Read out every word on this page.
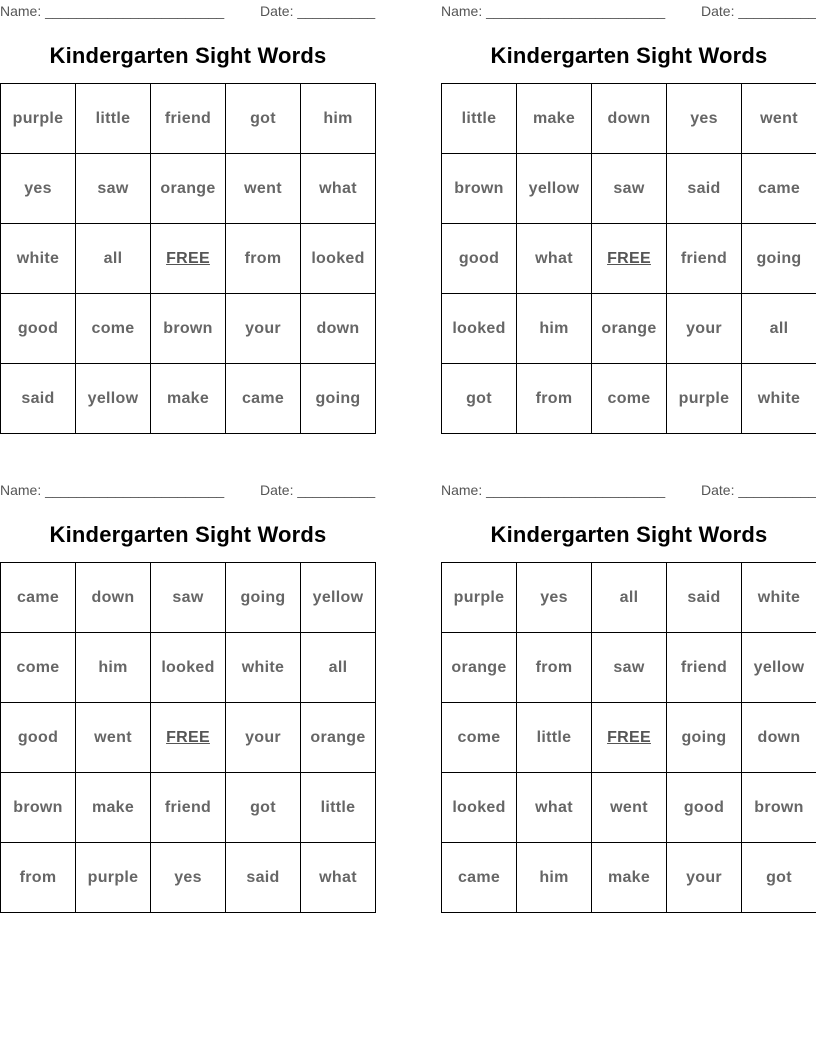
Name: _______________________	Date: __________
Kindergarten Sight Words
purple	little	friend	got	him
yes	saw	orange	went	what
white	all	FREE	from	looked
good	come	brown	your	down
said	yellow	make	came	going
Name: _______________________	Date: __________
Kindergarten Sight Words
little	make	down	yes	went
brown	yellow	saw	said	came
good	what	FREE	friend	going
looked	him	orange	your	all
got	from	come	purple	white
Name: _______________________	Date: __________
Kindergarten Sight Words
came	down	saw	going	yellow
come	him	looked	white	all
good	went	FREE	your	orange
brown	make	friend	got	little
from	purple	yes	said	what
Name: _______________________	Date: __________
Kindergarten Sight Words
purple	yes	all	said	white
orange	from	saw	friend	yellow
come	little	FREE	going	down
looked	what	went	good	brown
came	him	make	your	got
